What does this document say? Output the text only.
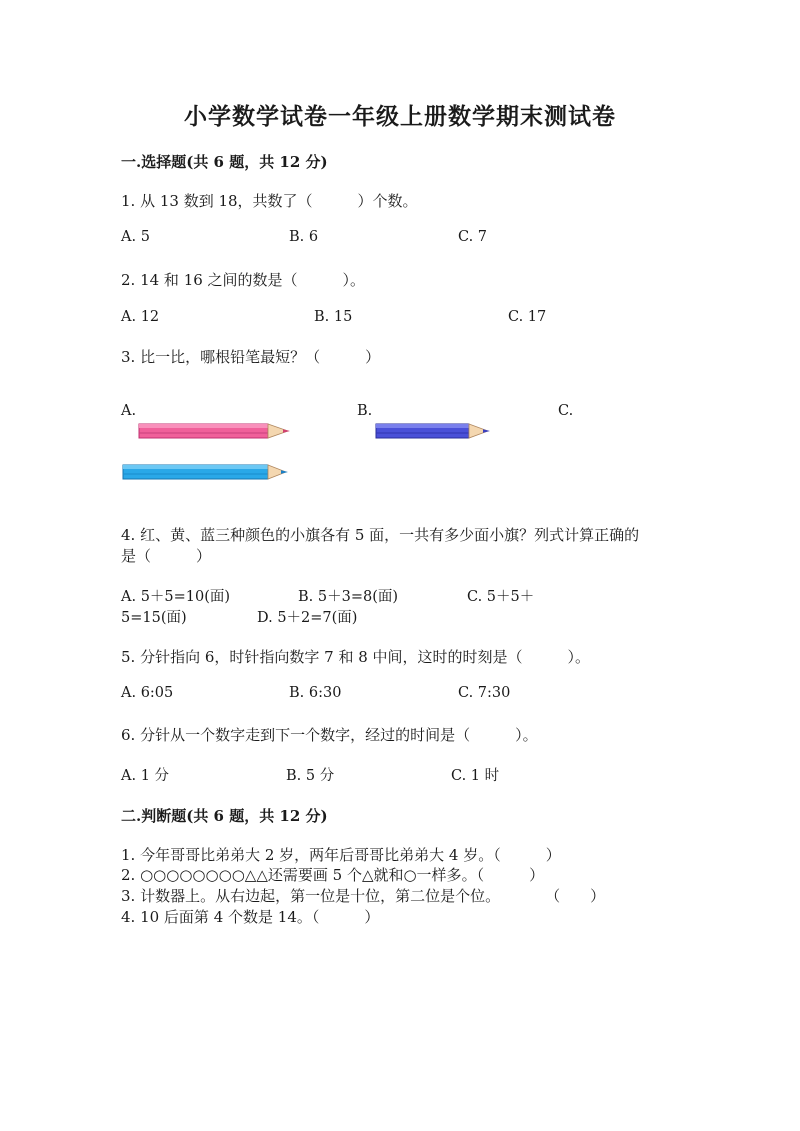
小学数学试卷一年级上册数学期末测试卷
一.选择题(共 6 题，共 12 分)
1. 从 13 数到 18，共数了（　　　）个数。
A. 5	B. 6	C. 7
2. 14 和 16 之间的数是（　　　）。
A. 12	B. 15	C. 17
3. 比一比，哪根铅笔最短？（　　　）
A.	B.	C.
4. 红、黄、蓝三种颜色的小旗各有 5 面，一共有多少面小旗？列式计算正确的
是（　　　）
A. 5＋5=10(面)	B. 5＋3=8(面)	C. 5＋5＋
5=15(面)	D. 5＋2=7(面)
5. 分针指向 6，时针指向数字 7 和 8 中间，这时的时刻是（　　　）。
A. 6:05	B. 6:30	C. 7:30
6. 分针从一个数字走到下一个数字，经过的时间是（　　　）。
A. 1 分	B. 5 分	C. 1 时
二.判断题(共 6 题，共 12 分)
1. 今年哥哥比弟弟大 2 岁，两年后哥哥比弟弟大 4 岁。（　　　）
2. ○○○○○○○○△△还需要画 5 个△就和○一样多。（　　　）
3. 计数器上。从右边起，第一位是十位，第二位是个位。　　　　（　　）
4. 10 后面第 4 个数是 14。（　　　）
